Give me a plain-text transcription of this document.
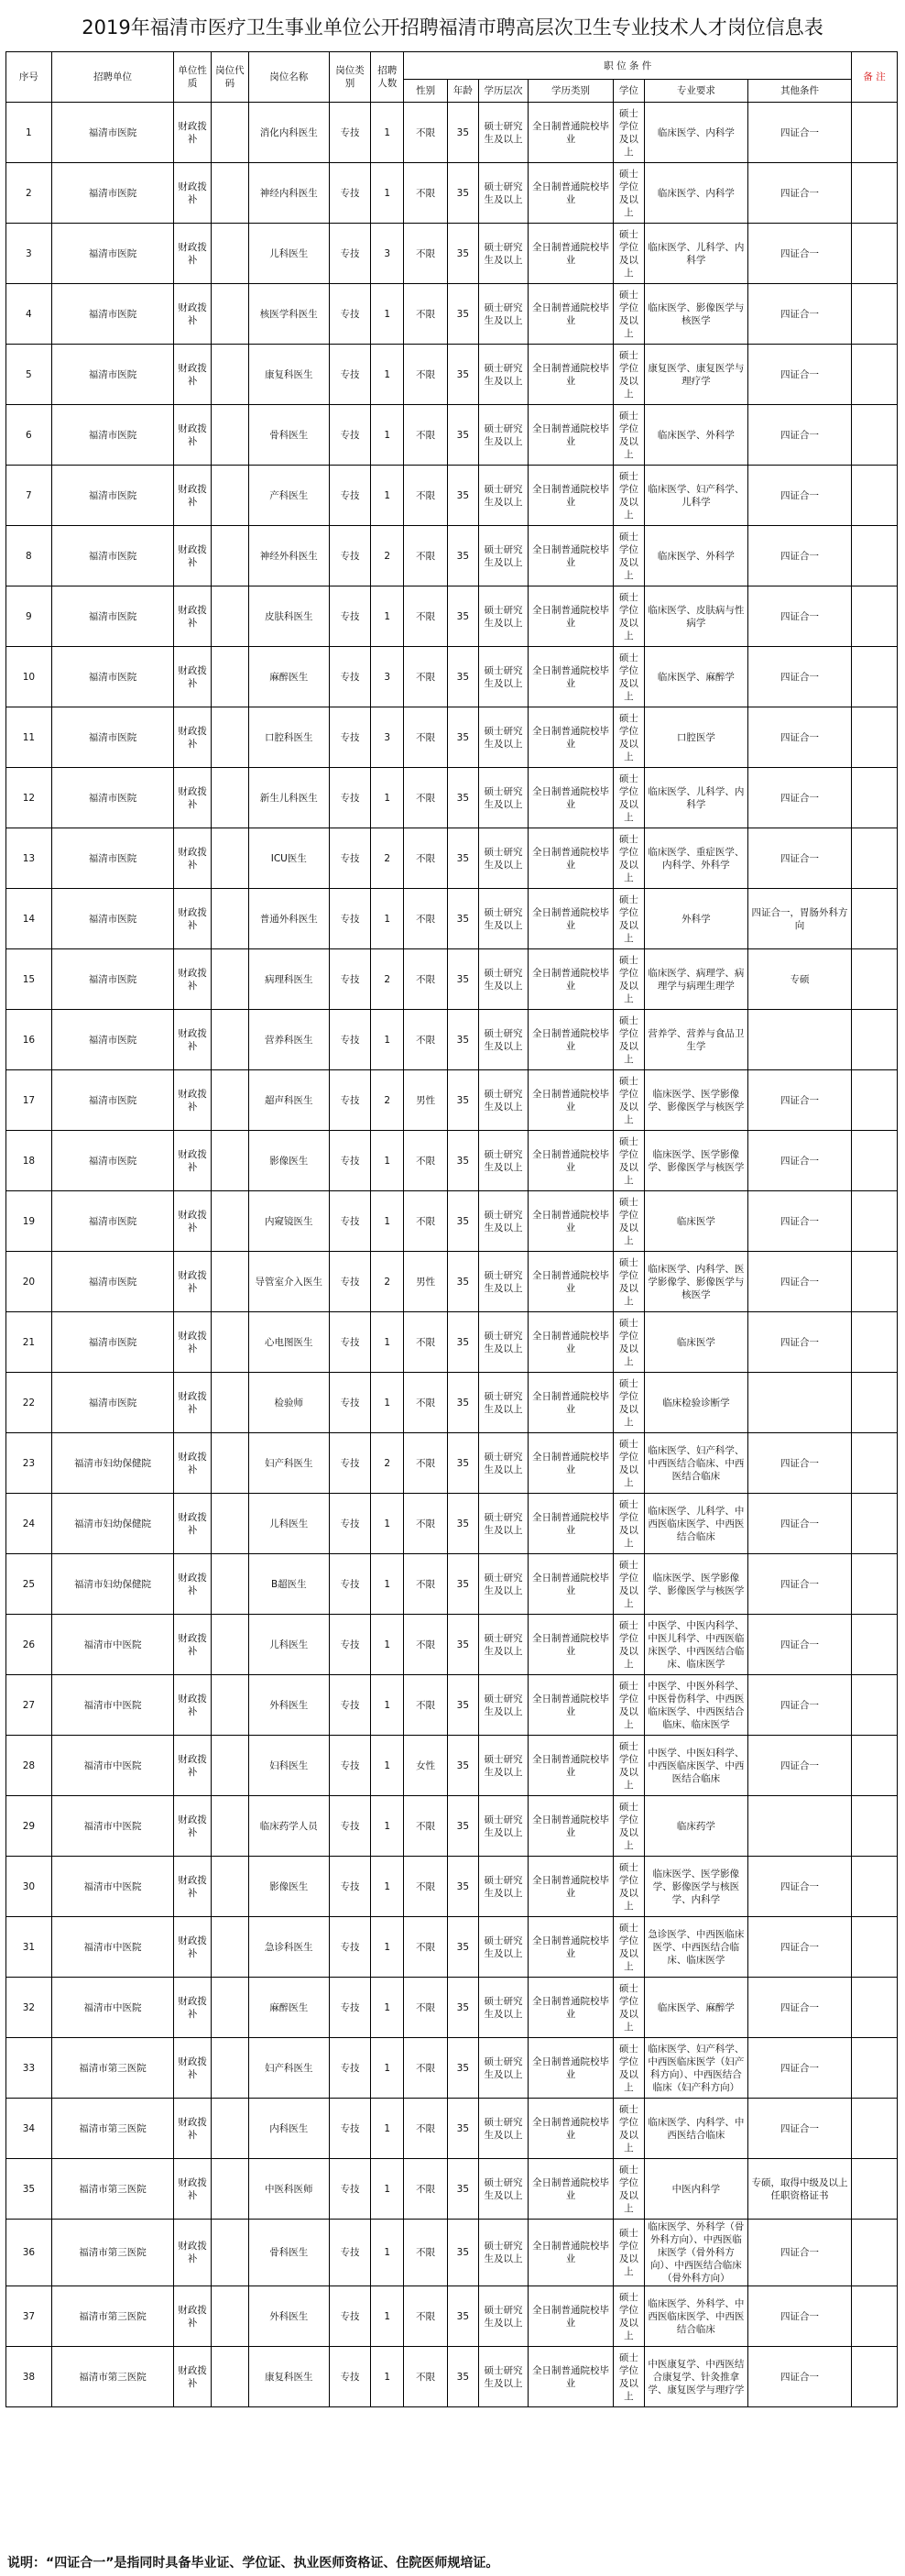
2019年福清市医疗卫生事业单位公开招聘福清市聘高层次卫生专业技术人才岗位信息表
序号	招聘单位	单位性质	岗位代码	岗位名称	岗位类别	招聘人数	职 位 条 件							备 注
							性别	年龄	学历层次	学历类别	学位	专业要求	其他条件	
1	福清市医院	财政拨补		消化内科医生	专技	1	不限	35	硕士研究生及以上	全日制普通院校毕业	硕士学位及以上	临床医学、内科学	四证合一	
2	福清市医院	财政拨补		神经内科医生	专技	1	不限	35	硕士研究生及以上	全日制普通院校毕业	硕士学位及以上	临床医学、内科学	四证合一	
3	福清市医院	财政拨补		儿科医生	专技	3	不限	35	硕士研究生及以上	全日制普通院校毕业	硕士学位及以上	临床医学、儿科学、内科学	四证合一	
4	福清市医院	财政拨补		核医学科医生	专技	1	不限	35	硕士研究生及以上	全日制普通院校毕业	硕士学位及以上	临床医学、影像医学与核医学	四证合一	
5	福清市医院	财政拨补		康复科医生	专技	1	不限	35	硕士研究生及以上	全日制普通院校毕业	硕士学位及以上	康复医学、康复医学与理疗学	四证合一	
6	福清市医院	财政拨补		骨科医生	专技	1	不限	35	硕士研究生及以上	全日制普通院校毕业	硕士学位及以上	临床医学、外科学	四证合一	
7	福清市医院	财政拨补		产科医生	专技	1	不限	35	硕士研究生及以上	全日制普通院校毕业	硕士学位及以上	临床医学、妇产科学、儿科学	四证合一	
8	福清市医院	财政拨补		神经外科医生	专技	2	不限	35	硕士研究生及以上	全日制普通院校毕业	硕士学位及以上	临床医学、外科学	四证合一	
9	福清市医院	财政拨补		皮肤科医生	专技	1	不限	35	硕士研究生及以上	全日制普通院校毕业	硕士学位及以上	临床医学、皮肤病与性病学	四证合一	
10	福清市医院	财政拨补		麻醉医生	专技	3	不限	35	硕士研究生及以上	全日制普通院校毕业	硕士学位及以上	临床医学、麻醉学	四证合一	
11	福清市医院	财政拨补		口腔科医生	专技	3	不限	35	硕士研究生及以上	全日制普通院校毕业	硕士学位及以上	口腔医学	四证合一	
12	福清市医院	财政拨补		新生儿科医生	专技	1	不限	35	硕士研究生及以上	全日制普通院校毕业	硕士学位及以上	临床医学、儿科学、内科学	四证合一	
13	福清市医院	财政拨补		ICU医生	专技	2	不限	35	硕士研究生及以上	全日制普通院校毕业	硕士学位及以上	临床医学、重症医学、内科学、外科学	四证合一	
14	福清市医院	财政拨补		普通外科医生	专技	1	不限	35	硕士研究生及以上	全日制普通院校毕业	硕士学位及以上	外科学	四证合一，胃肠外科方向	
15	福清市医院	财政拨补		病理科医生	专技	2	不限	35	硕士研究生及以上	全日制普通院校毕业	硕士学位及以上	临床医学、病理学、病理学与病理生理学	专硕	
16	福清市医院	财政拨补		营养科医生	专技	1	不限	35	硕士研究生及以上	全日制普通院校毕业	硕士学位及以上	营养学、营养与食品卫生学		
17	福清市医院	财政拨补		超声科医生	专技	2	男性	35	硕士研究生及以上	全日制普通院校毕业	硕士学位及以上	临床医学、医学影像学、影像医学与核医学	四证合一	
18	福清市医院	财政拨补		影像医生	专技	1	不限	35	硕士研究生及以上	全日制普通院校毕业	硕士学位及以上	临床医学、医学影像学、影像医学与核医学	四证合一	
19	福清市医院	财政拨补		内窥镜医生	专技	1	不限	35	硕士研究生及以上	全日制普通院校毕业	硕士学位及以上	临床医学	四证合一	
20	福清市医院	财政拨补		导管室介入医生	专技	2	男性	35	硕士研究生及以上	全日制普通院校毕业	硕士学位及以上	临床医学、内科学、医学影像学、影像医学与核医学	四证合一	
21	福清市医院	财政拨补		心电图医生	专技	1	不限	35	硕士研究生及以上	全日制普通院校毕业	硕士学位及以上	临床医学	四证合一	
22	福清市医院	财政拨补		检验师	专技	1	不限	35	硕士研究生及以上	全日制普通院校毕业	硕士学位及以上	临床检验诊断学		
23	福清市妇幼保健院	财政拨补		妇产科医生	专技	2	不限	35	硕士研究生及以上	全日制普通院校毕业	硕士学位及以上	临床医学、妇产科学、中西医结合临床、中西医结合临床	四证合一	
24	福清市妇幼保健院	财政拨补		儿科医生	专技	1	不限	35	硕士研究生及以上	全日制普通院校毕业	硕士学位及以上	临床医学、儿科学、中西医临床医学、中西医结合临床	四证合一	
25	福清市妇幼保健院	财政拨补		B超医生	专技	1	不限	35	硕士研究生及以上	全日制普通院校毕业	硕士学位及以上	临床医学、医学影像学、影像医学与核医学	四证合一	
26	福清市中医院	财政拨补		儿科医生	专技	1	不限	35	硕士研究生及以上	全日制普通院校毕业	硕士学位及以上	中医学、中医内科学、中医儿科学、中西医临床医学、中西医结合临床、临床医学	四证合一	
27	福清市中医院	财政拨补		外科医生	专技	1	不限	35	硕士研究生及以上	全日制普通院校毕业	硕士学位及以上	中医学、中医外科学、中医骨伤科学、中西医临床医学、中西医结合临床、临床医学	四证合一	
28	福清市中医院	财政拨补		妇科医生	专技	1	女性	35	硕士研究生及以上	全日制普通院校毕业	硕士学位及以上	中医学、中医妇科学、中西医临床医学、中西医结合临床	四证合一	
29	福清市中医院	财政拨补		临床药学人员	专技	1	不限	35	硕士研究生及以上	全日制普通院校毕业	硕士学位及以上	临床药学		
30	福清市中医院	财政拨补		影像医生	专技	1	不限	35	硕士研究生及以上	全日制普通院校毕业	硕士学位及以上	临床医学、医学影像学、影像医学与核医学、内科学	四证合一	
31	福清市中医院	财政拨补		急诊科医生	专技	1	不限	35	硕士研究生及以上	全日制普通院校毕业	硕士学位及以上	急诊医学、中西医临床医学、中西医结合临床、临床医学	四证合一	
32	福清市中医院	财政拨补		麻醉医生	专技	1	不限	35	硕士研究生及以上	全日制普通院校毕业	硕士学位及以上	临床医学、麻醉学	四证合一	
33	福清市第三医院	财政拨补		妇产科医生	专技	1	不限	35	硕士研究生及以上	全日制普通院校毕业	硕士学位及以上	临床医学、妇产科学、中西医临床医学（妇产科方向）、中西医结合临床（妇产科方向）	四证合一	
34	福清市第三医院	财政拨补		内科医生	专技	1	不限	35	硕士研究生及以上	全日制普通院校毕业	硕士学位及以上	临床医学、内科学、中西医结合临床	四证合一	
35	福清市第三医院	财政拨补		中医科医师	专技	1	不限	35	硕士研究生及以上	全日制普通院校毕业	硕士学位及以上	中医内科学	专硕，取得中级及以上任职资格证书	
36	福清市第三医院	财政拨补		骨科医生	专技	1	不限	35	硕士研究生及以上	全日制普通院校毕业	硕士学位及以上	临床医学、外科学（骨外科方向）、中西医临床医学（骨外科方向）、中西医结合临床（骨外科方向）	四证合一	
37	福清市第三医院	财政拨补		外科医生	专技	1	不限	35	硕士研究生及以上	全日制普通院校毕业	硕士学位及以上	临床医学、外科学、中西医临床医学、中西医结合临床	四证合一	
38	福清市第三医院	财政拨补		康复科医生	专技	1	不限	35	硕士研究生及以上	全日制普通院校毕业	硕士学位及以上	中医康复学、中西医结合康复学、针灸推拿学、康复医学与理疗学	四证合一	
说明：“四证合一”是指同时具备毕业证、学位证、执业医师资格证、住院医师规培证。
